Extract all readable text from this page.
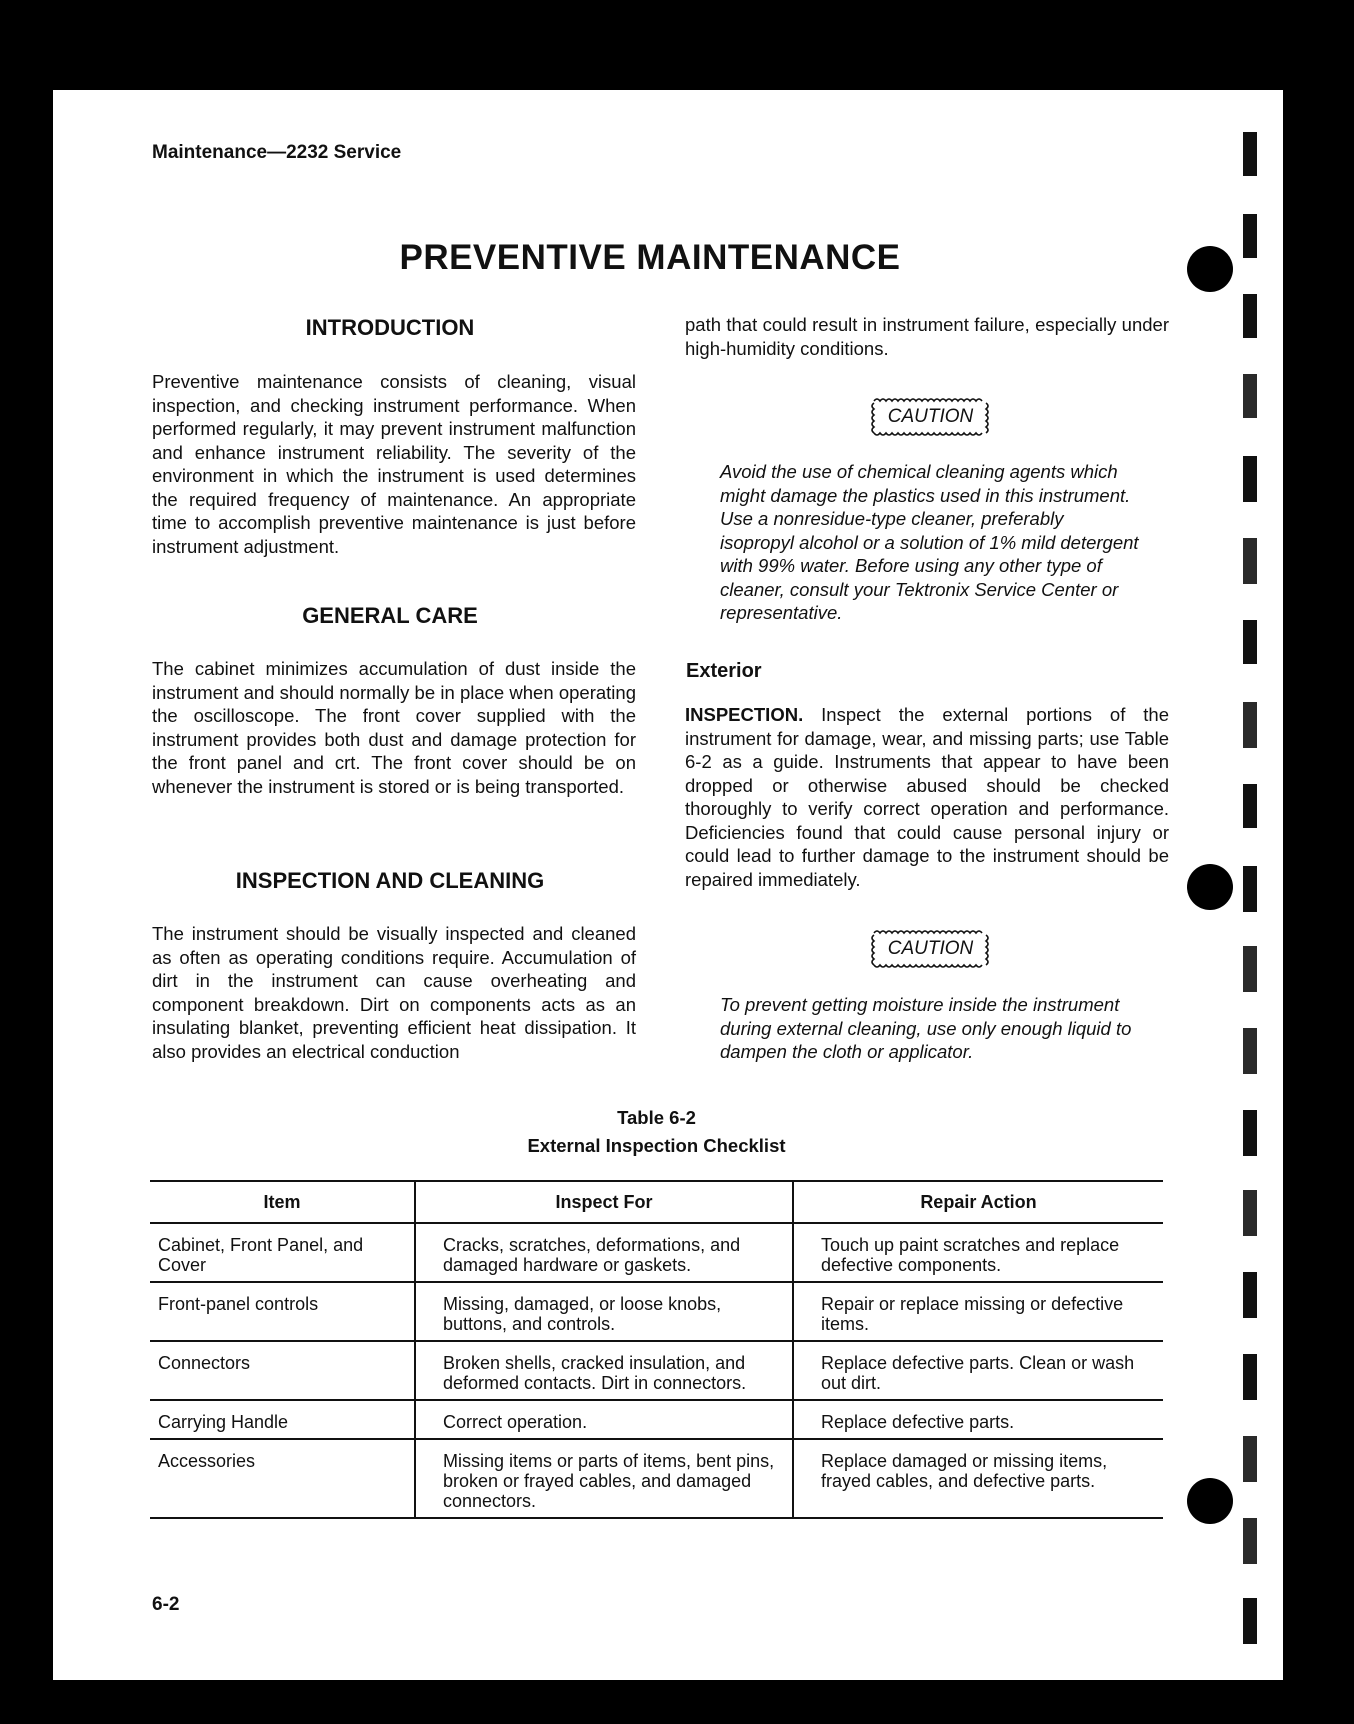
Maintenance—2232 Service
PREVENTIVE MAINTENANCE
INTRODUCTION

Preventive maintenance consists of cleaning, visual inspection, and checking instrument performance. When performed regularly, it may prevent instrument malfunction and enhance instrument reliability. The severity of the environment in which the instrument is used determines the required frequency of maintenance. An appropriate time to accomplish preventive maintenance is just before instrument adjustment.

GENERAL CARE

The cabinet minimizes accumulation of dust inside the instrument and should normally be in place when operating the oscilloscope. The front cover supplied with the instrument provides both dust and damage protection for the front panel and crt. The front cover should be on whenever the instrument is stored or is being transported.

INSPECTION AND CLEANING

The instrument should be visually inspected and cleaned as often as operating conditions require. Accumulation of dirt in the instrument can cause overheating and component breakdown. Dirt on components acts as an insulating blanket, preventing efficient heat dissipation. It also provides an electrical conduction

path that could result in instrument failure, especially under high-humidity conditions.

CAUTION
Avoid the use of chemical cleaning agents which might damage the plastics used in this instrument. Use a nonresidue-type cleaner, preferably isopropyl alcohol or a solution of 1% mild detergent with 99% water. Before using any other type of cleaner, consult your Tektronix Service Center or representative.
Exterior

INSPECTION. Inspect the external portions of the instrument for damage, wear, and missing parts; use Table 6-2 as a guide. Instruments that appear to have been dropped or otherwise abused should be checked thoroughly to verify correct operation and performance. Deficiencies found that could cause personal injury or could lead to further damage to the instrument should be repaired immediately.

CAUTION
To prevent getting moisture inside the instrument during external cleaning, use only enough liquid to dampen the cloth or applicator.
Table 6-2
External Inspection Checklist
Item	Inspect For	Repair Action
Cabinet, Front Panel, and Cover	Cracks, scratches, deformations, and damaged hardware or gaskets.	Touch up paint scratches and replace defective components.
Front-panel controls	Missing, damaged, or loose knobs, buttons, and controls.	Repair or replace missing or defective items.
Connectors	Broken shells, cracked insulation, and deformed contacts. Dirt in connectors.	Replace defective parts. Clean or wash out dirt.
Carrying Handle	Correct operation.	Replace defective parts.
Accessories	Missing items or parts of items, bent pins, broken or frayed cables, and damaged connectors.	Replace damaged or missing items, frayed cables, and defective parts.
6-2
